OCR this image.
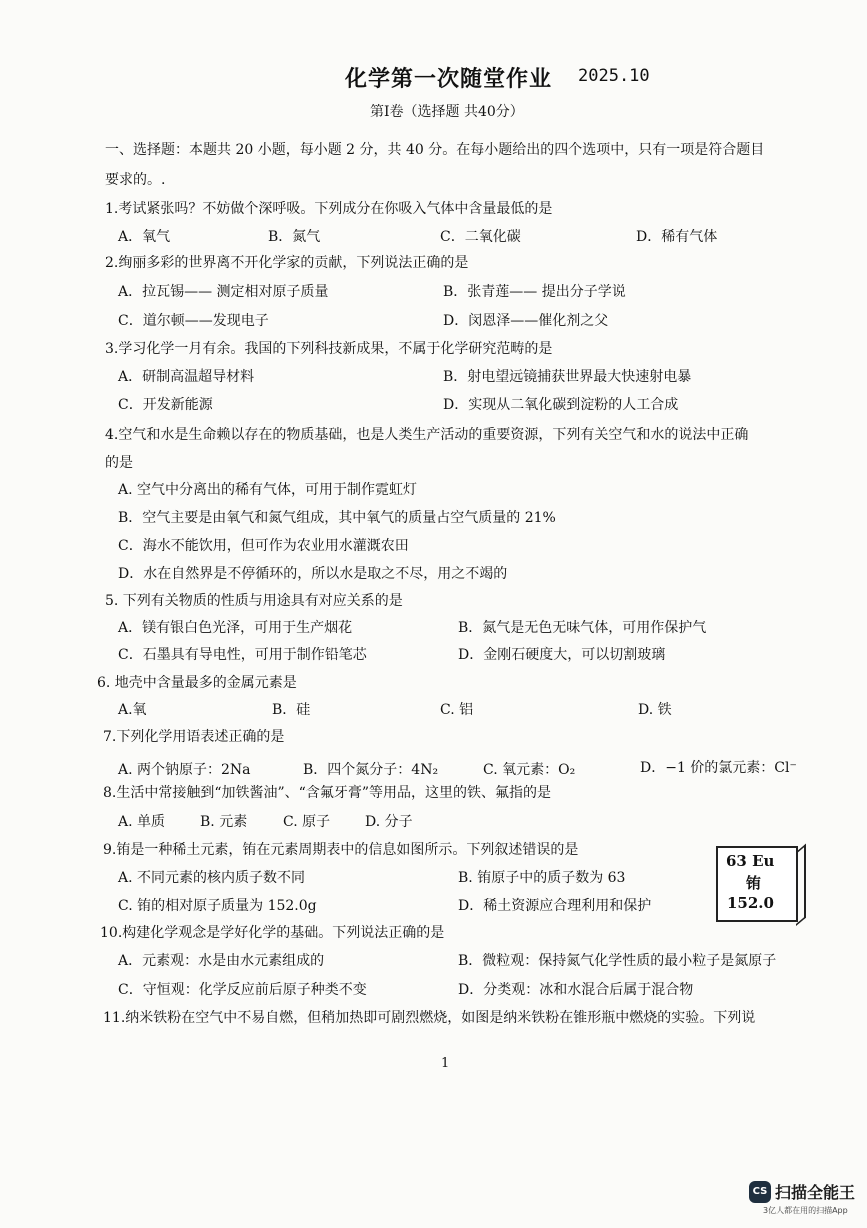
化学第一次随堂作业 2025.10
第Ⅰ卷（选择题 共40分）
一、选择题：本题共 20 小题，每小题 2 分，共 40 分。在每小题给出的四个选项中，只有一项是符合题目
要求的。.
1.考试紧张吗？不妨做个深呼吸。下列成分在你吸入气体中含量最低的是
A．氧气	B．氮气	C．二氧化碳	D．稀有气体
2.绚丽多彩的世界离不开化学家的贡献，下列说法正确的是
A．拉瓦锡—— 测定相对原子质量	B．张青莲—— 提出分子学说
C．道尔顿——发现电子	D．闵恩泽——催化剂之父
3.学习化学一月有余。我国的下列科技新成果，不属于化学研究范畴的是
A．研制高温超导材料	B．射电望远镜捕获世界最大快速射电暴
C．开发新能源	D．实现从二氧化碳到淀粉的人工合成
4.空气和水是生命赖以存在的物质基础，也是人类生产活动的重要资源，下列有关空气和水的说法中正确
的是
A. 空气中分离出的稀有气体，可用于制作霓虹灯
B．空气主要是由氧气和氮气组成，其中氧气的质量占空气质量的 21%
C．海水不能饮用，但可作为农业用水灌溉农田
D．水在自然界是不停循环的，所以水是取之不尽，用之不竭的
5. 下列有关物质的性质与用途具有对应关系的是
A．镁有银白色光泽，可用于生产烟花	B．氮气是无色无味气体，可用作保护气
C．石墨具有导电性，可用于制作铅笔芯	D．金刚石硬度大，可以切割玻璃
6. 地壳中含量最多的金属元素是
A.氧	B．硅	C. 铝	D. 铁
7.下列化学用语表述正确的是
A. 两个钠原子：2Na	B．四个氮分子：4N₂	C. 氧元素：O₂	D．−1 价的氯元素：Cl⁻
8.生活中常接触到“加铁酱油”、“含氟牙膏”等用品，这里的铁、氟指的是
A. 单质 B. 元素	C. 原子 D. 分子
9.铕是一种稀土元素，铕在元素周期表中的信息如图所示。下列叙述错误的是
A. 不同元素的核内质子数不同	B. 铕原子中的质子数为 63
C. 铕的相对原子质量为 152.0g	D．稀土资源应合理利用和保护
63 Eu
铕
152.0
10.构建化学观念是学好化学的基础。下列说法正确的是
A．元素观：水是由水元素组成的	B．微粒观：保持氮气化学性质的最小粒子是氮原子
C．守恒观：化学反应前后原子种类不变	D．分类观：冰和水混合后属于混合物
11.纳米铁粉在空气中不易自燃，但稍加热即可剧烈燃烧，如图是纳米铁粉在锥形瓶中燃烧的实验。下列说
1
CS 扫描全能王
3亿人都在用的扫描App
